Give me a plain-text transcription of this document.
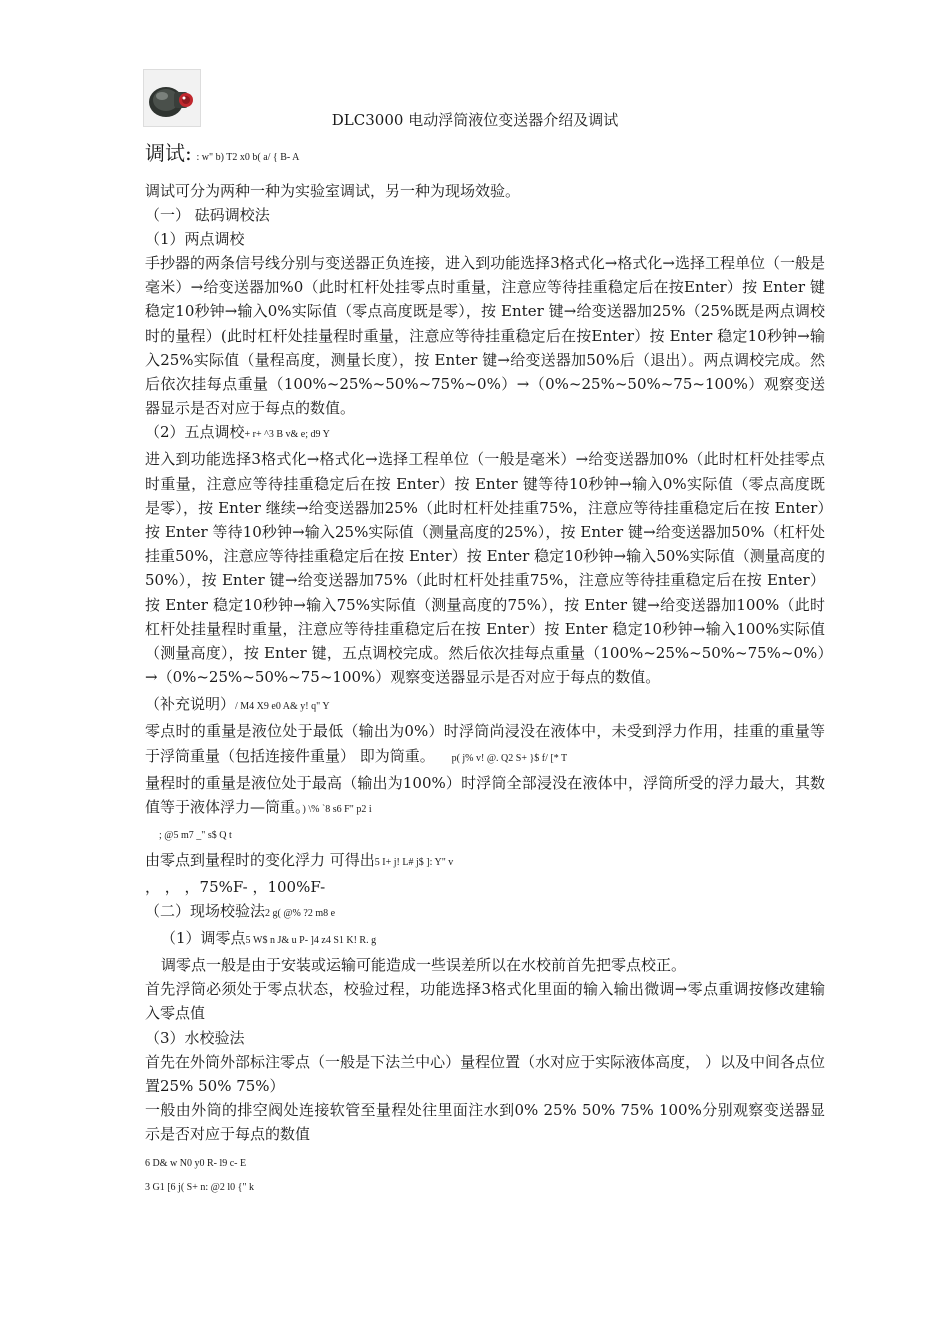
DLC3000 电动浮筒液位变送器介绍及调试

调试: : w" b) T2 x0 b( a/ { B- A

调试可分为两种一种为实验室调试，另一种为现场效验。

（一） 砝码调校法

（1）两点调校

手抄器的两条信号线分别与变送器正负连接，进入到功能选择3格式化→格式化→选择工程单位（一般是毫米）→给变送器加%0（此时杠杆处挂零点时重量，注意应等待挂重稳定后在按Enter）按 Enter 键稳定10秒钟→输入0%实际值（零点高度既是零），按 Enter 键→给变送器加25%（25%既是两点调校时的量程）(此时杠杆处挂量程时重量，注意应等待挂重稳定后在按Enter）按 Enter 稳定10秒钟→输入25%实际值（量程高度，测量长度），按 Enter 键→给变送器加50%后（退出）。两点调校完成。然后依次挂每点重量（100%~25%~50%~75%~0%）→（0%~25%~50%~75~100%）观察变送器显示是否对应于每点的数值。

（2）五点调校+ r+ ^3 B v& e; d9 Y

进入到功能选择3格式化→格式化→选择工程单位（一般是毫米）→给变送器加0%（此时杠杆处挂零点时重量，注意应等待挂重稳定后在按 Enter）按 Enter 键等待10秒钟→输入0%实际值（零点高度既是零），按 Enter 继续→给变送器加25%（此时杠杆处挂重75%，注意应等待挂重稳定后在按 Enter）按 Enter 等待10秒钟→输入25%实际值（测量高度的25%），按 Enter 键→给变送器加50%（杠杆处挂重50%，注意应等待挂重稳定后在按 Enter）按 Enter 稳定10秒钟→输入50%实际值（测量高度的50%），按 Enter 键→给变送器加75%（此时杠杆处挂重75%，注意应等待挂重稳定后在按 Enter）按 Enter 稳定10秒钟→输入75%实际值（测量高度的75%），按 Enter 键→给变送器加100%（此时杠杆处挂量程时重量，注意应等待挂重稳定后在按 Enter）按 Enter 稳定10秒钟→输入100%实际值（测量高度），按 Enter 键，五点调校完成。然后依次挂每点重量（100%~25%~50%~75%~0%）→（0%~25%~50%~75~100%）观察变送器显示是否对应于每点的数值。

（补充说明）/ M4 X9 e0 A& y! q" Y

零点时的重量是液位处于最低（输出为0%）时浮筒尚浸没在液体中，未受到浮力作用，挂重的重量等于浮筒重量（包括连接件重量） 即为筒重。 p( j% v! @. Q2 S+ }$ f/ [* T

量程时的重量是液位处于最高（输出为100%）时浮筒全部浸没在液体中，浮筒所受的浮力最大，其数值等于液体浮力—筒重。) \% `8 s6 F" p2 i

; @5 m7 _" s$ Q t

由零点到量程时的变化浮力 可得出5 I+ j! L# j$ ]: Y" v

， ， ，75%F- ，100%F-

（二）现场校验法2 g( @% ?2 m8 e

（1）调零点5 W$ n J& u P- ]4 z4 S1 K! R. g

调零点一般是由于安装或运输可能造成一些误差所以在水校前首先把零点校正。

首先浮筒必须处于零点状态，校验过程，功能选择3格式化里面的输入输出微调→零点重调按修改建输入零点值

（3）水校验法

首先在外筒外部标注零点（一般是下法兰中心）量程位置（水对应于实际液体高度， ）以及中间各点位置25% 50% 75%）

一般由外筒的排空阀处连接软管至量程处往里面注水到0% 25% 50% 75% 100%分别观察变送器显示是否对应于每点的数值

6 D& w N0 y0 R- l9 c- E

3 G1 [6 j( S+ n: @2 l0 {" k
